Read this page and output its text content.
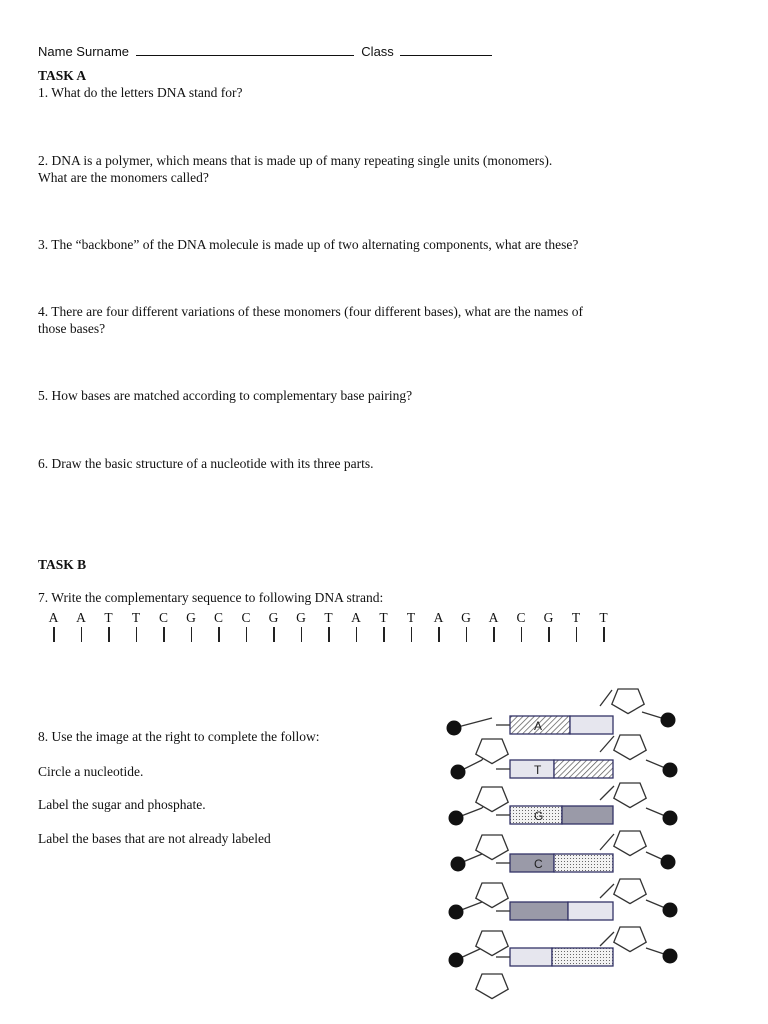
Name Surname	Class
TASK A
1. What do the letters DNA stand for?
2. DNA is a polymer, which means that is made up of many repeating single units (monomers).
What are the monomers called?
3. The “backbone” of the DNA molecule is made up of two alternating components, what are these?
4. There are four different variations of these monomers (four different bases), what are the names of
those bases?
5. How bases are matched according to complementary base pairing?
6. Draw the basic structure of a nucleotide with its three parts.
TASK B
7. Write the complementary sequence to following DNA strand:
A A T T C G C C G G T A T T A G A C G T T
8. Use the image at the right to complete the follow:
Circle a nucleotide.
Label the sugar and phosphate.
Label the bases that are not already labeled
A
T
G
C
